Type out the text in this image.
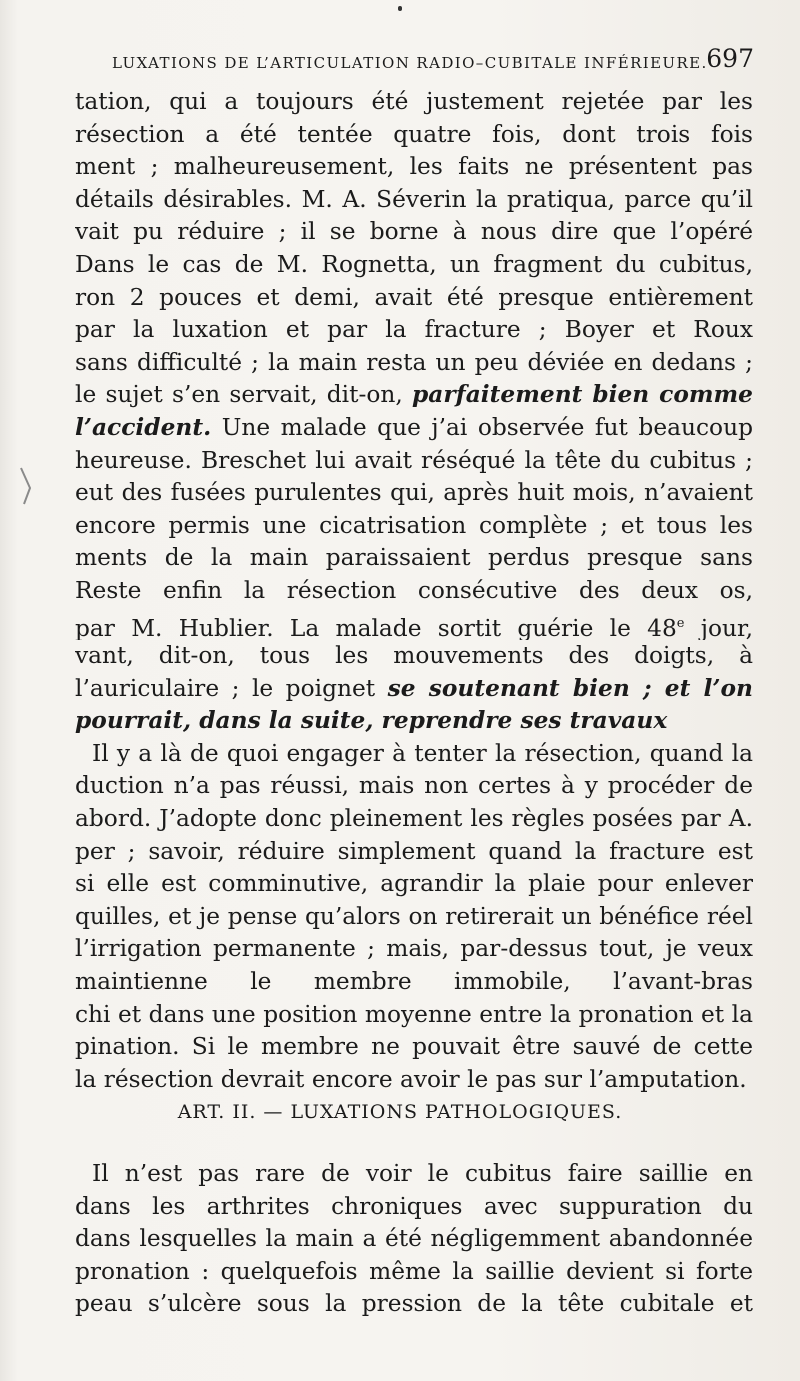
LUXATIONS DE L’ARTICULATION RADIO–CUBITALE INFÉRIEURE.
697
tation, qui a toujours été justement rejetée par les
résection a été tentée quatre fois, dont trois fois
ment ; malheureusement, les faits ne présentent pas
détails désirables. M. A. Séverin la pratiqua, parce qu’il
vait pu réduire ; il se borne à nous dire que l’opéré
Dans le cas de M. Rognetta, un fragment du cubitus,
ron 2 pouces et demi, avait été presque entièrement
par la luxation et par la fracture ; Boyer et Roux
sans difficulté ; la main resta un peu déviée en dedans ;
le sujet s’en servait, dit-on, parfaitement bien comme
l’accident. Une malade que j’ai observée fut beaucoup
heureuse. Breschet lui avait réséqué la tête du cubitus ;
eut des fusées purulentes qui, après huit mois, n’avaient
encore permis une cicatrisation complète ; et tous les
ments de la main paraissaient perdus presque sans
Reste enfin la résection consécutive des deux os,
par M. Hublier. La malade sortit guérie le 48e jour,
vant, dit-on, tous les mouvements des doigts, à
l’auriculaire ; le poignet se soutenant bien ; et l’on
pourrait, dans la suite, reprendre ses travaux
Il y a là de quoi engager à tenter la résection, quand la
duction n’a pas réussi, mais non certes à y procéder de
abord. J’adopte donc pleinement les règles posées par A.
per ; savoir, réduire simplement quand la fracture est
si elle est comminutive, agrandir la plaie pour enlever
quilles, et je pense qu’alors on retirerait un bénéfice réel
l’irrigation permanente ; mais, par-dessus tout, je veux
maintienne le membre immobile, l’avant-bras
chi et dans une position moyenne entre la pronation et la
pination. Si le membre ne pouvait être sauvé de cette
la résection devrait encore avoir le pas sur l’amputation.
ART. II. — LUXATIONS PATHOLOGIQUES.
Il n’est pas rare de voir le cubitus faire saillie en
dans les arthrites chroniques avec suppuration du
dans lesquelles la main a été négligemment abandonnée
pronation : quelquefois même la saillie devient si forte
peau s’ulcère sous la pression de la tête cubitale et
